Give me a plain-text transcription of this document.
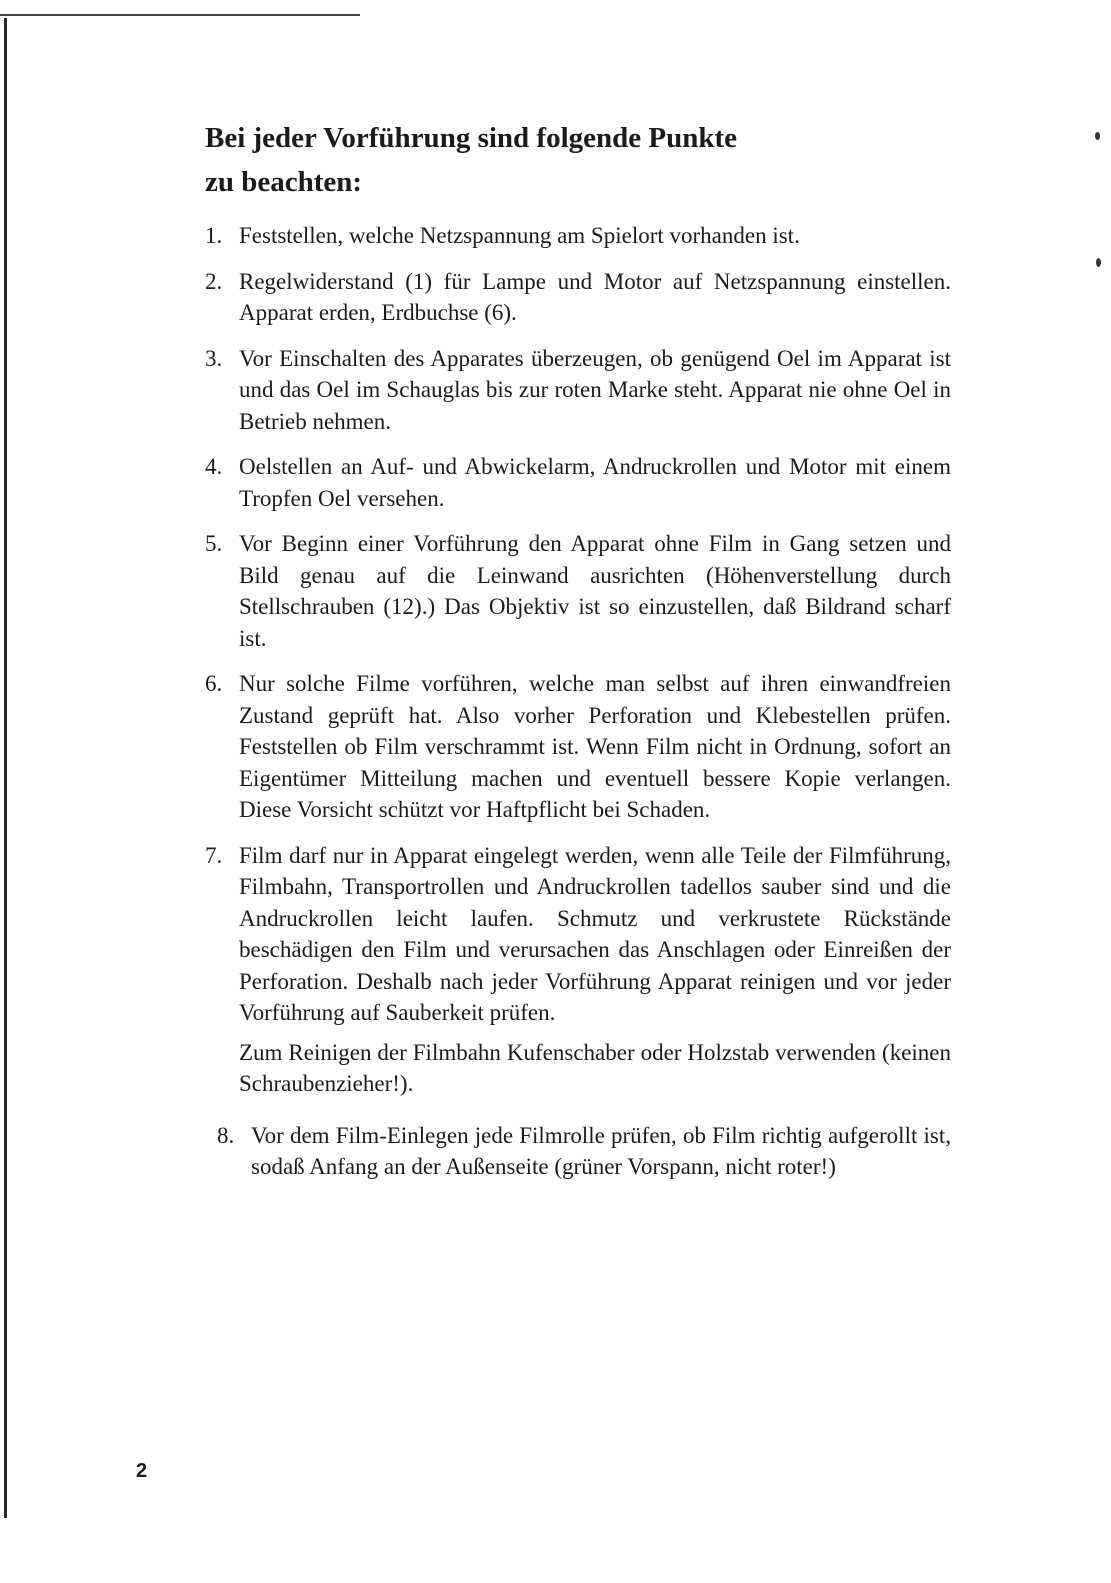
Bei jeder Vorführung sind folgende Punkte
zu beachten:
1. Feststellen, welche Netzspannung am Spielort vorhanden ist.

2. Regelwiderstand (1) für Lampe und Motor auf Netzspannung einstellen. Apparat erden, Erdbuchse (6).

3. Vor Einschalten des Apparates überzeugen, ob genügend Oel im Apparat ist und das Oel im Schauglas bis zur roten Marke steht. Apparat nie ohne Oel in Betrieb nehmen.

4. Oelstellen an Auf- und Abwickelarm, Andruckrollen und Motor mit einem Tropfen Oel versehen.

5. Vor Beginn einer Vorführung den Apparat ohne Film in Gang setzen und Bild genau auf die Leinwand ausrichten (Höhenverstellung durch Stellschrauben (12).) Das Objektiv ist so einzustellen, daß Bildrand scharf ist.

6. Nur solche Filme vorführen, welche man selbst auf ihren einwandfreien Zustand geprüft hat. Also vorher Perforation und Klebestellen prüfen. Feststellen ob Film verschrammt ist. Wenn Film nicht in Ordnung, sofort an Eigentümer Mitteilung machen und eventuell bessere Kopie verlangen. Diese Vorsicht schützt vor Haftpflicht bei Schaden.

7. Film darf nur in Apparat eingelegt werden, wenn alle Teile der Filmführung, Filmbahn, Transportrollen und Andruckrollen tadellos sauber sind und die Andruckrollen leicht laufen. Schmutz und verkrustete Rückstände beschädigen den Film und verursachen das Anschlagen oder Einreißen der Perforation. Deshalb nach jeder Vorführung Apparat reinigen und vor jeder Vorführung auf Sauberkeit prüfen.

Zum Reinigen der Filmbahn Kufenschaber oder Holzstab verwenden (keinen Schraubenzieher!).

8. Vor dem Film-Einlegen jede Filmrolle prüfen, ob Film richtig aufgerollt ist, sodaß Anfang an der Außenseite (grüner Vorspann, nicht roter!)

2
